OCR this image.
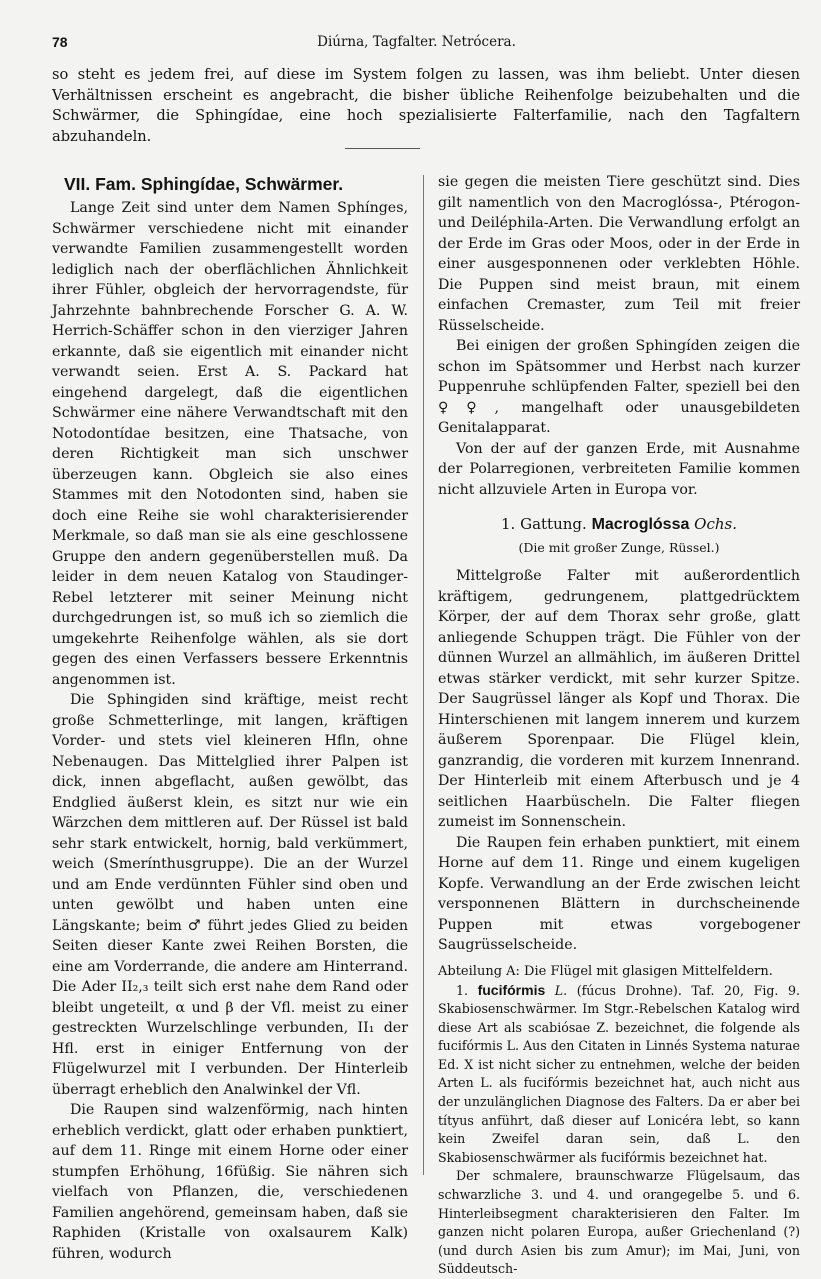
78	Diúrna, Tagfalter. Netrócera.

so steht es jedem frei, auf diese im System folgen zu lassen, was ihm beliebt. Unter diesen Verhältnissen erscheint es angebracht, die bisher übliche Reihenfolge beizubehalten und die Schwärmer, die Sphingídae, eine hoch spezialisierte Falterfamilie, nach den Tagfaltern abzuhandeln.

VII. Fam. Sphingídae, Schwärmer.

Lange Zeit sind unter dem Namen Sphínges, Schwärmer verschiedene nicht mit einander verwandte Familien zusammengestellt worden lediglich nach der oberflächlichen Ähnlichkeit ihrer Fühler, obgleich der hervorragendste, für Jahrzehnte bahnbrechende Forscher G. A. W. Herrich-Schäffer schon in den vierziger Jahren erkannte, daß sie eigentlich mit einander nicht verwandt seien. Erst A. S. Packard hat eingehend dargelegt, daß die eigentlichen Schwärmer eine nähere Verwandtschaft mit den Notodontídae besitzen, eine Thatsache, von deren Richtigkeit man sich unschwer überzeugen kann. Obgleich sie also eines Stammes mit den Notodonten sind, haben sie doch eine Reihe sie wohl charakterisierender Merkmale, so daß man sie als eine geschlossene Gruppe den andern gegenüberstellen muß. Da leider in dem neuen Katalog von Staudinger-Rebel letzterer mit seiner Meinung nicht durchgedrungen ist, so muß ich so ziemlich die umgekehrte Reihenfolge wählen, als sie dort gegen des einen Verfassers bessere Erkenntnis angenommen ist.

Die Sphingiden sind kräftige, meist recht große Schmetterlinge, mit langen, kräftigen Vorder- und stets viel kleineren Hfln, ohne Nebenaugen. Das Mittelglied ihrer Palpen ist dick, innen abgeflacht, außen gewölbt, das Endglied äußerst klein, es sitzt nur wie ein Wärzchen dem mittleren auf. Der Rüssel ist bald sehr stark entwickelt, hornig, bald verkümmert, weich (Smerínthusgruppe). Die an der Wurzel und am Ende verdünnten Fühler sind oben und unten gewölbt und haben unten eine Längskante; beim ♂ führt jedes Glied zu beiden Seiten dieser Kante zwei Reihen Borsten, die eine am Vorderrande, die andere am Hinterrand. Die Ader II₂,₃ teilt sich erst nahe dem Rand oder bleibt ungeteilt, α und β der Vfl. meist zu einer gestreckten Wurzelschlinge verbunden, II₁ der Hfl. erst in einiger Entfernung von der Flügelwurzel mit I verbunden. Der Hinterleib überragt erheblich den Analwinkel der Vfl.

Die Raupen sind walzenförmig, nach hinten erheblich verdickt, glatt oder erhaben punktiert, auf dem 11. Ringe mit einem Horne oder einer stumpfen Erhöhung, 16füßig. Sie nähren sich vielfach von Pflanzen, die, verschiedenen Familien angehörend, gemeinsam haben, daß sie Raphiden (Kristalle von oxalsaurem Kalk) führen, wodurch

sie gegen die meisten Tiere geschützt sind. Dies gilt namentlich von den Macroglóssa-, Ptérogon- und Deiléphila-Arten. Die Verwandlung erfolgt an der Erde im Gras oder Moos, oder in der Erde in einer ausgesponnenen oder verklebten Höhle. Die Puppen sind meist braun, mit einem einfachen Cremaster, zum Teil mit freier Rüsselscheide.

Bei einigen der großen Sphingíden zeigen die schon im Spätsommer und Herbst nach kurzer Puppenruhe schlüpfenden Falter, speziell bei den ♀♀, mangelhaft oder unausgebildeten Genitalapparat.

Von der auf der ganzen Erde, mit Ausnahme der Polarregionen, verbreiteten Familie kommen nicht allzuviele Arten in Europa vor.

1. Gattung. Macroglóssa Ochs.
(Die mit großer Zunge, Rüssel.)

Mittelgroße Falter mit außerordentlich kräftigem, gedrungenem, plattgedrücktem Körper, der auf dem Thorax sehr große, glatt anliegende Schuppen trägt. Die Fühler von der dünnen Wurzel an allmählich, im äußeren Drittel etwas stärker verdickt, mit sehr kurzer Spitze. Der Saugrüssel länger als Kopf und Thorax. Die Hinterschienen mit langem innerem und kurzem äußerem Sporenpaar. Die Flügel klein, ganzrandig, die vorderen mit kurzem Innenrand. Der Hinterleib mit einem Afterbusch und je 4 seitlichen Haarbüscheln. Die Falter fliegen zumeist im Sonnenschein.

Die Raupen fein erhaben punktiert, mit einem Horne auf dem 11. Ringe und einem kugeligen Kopfe. Verwandlung an der Erde zwischen leicht versponnenen Blättern in durchscheinende Puppen mit etwas vorgebogener Saugrüsselscheide.

Abteilung A: Die Flügel mit glasigen Mittelfeldern.

1. fucifórmis L. (fúcus Drohne). Taf. 20, Fig. 9. Skabiosenschwärmer. Im Stgr.-Rebelschen Katalog wird diese Art als scabiósae Z. bezeichnet, die folgende als fucifórmis L. Aus den Citaten in Linnés Systema naturae Ed. X ist nicht sicher zu entnehmen, welche der beiden Arten L. als fucifórmis bezeichnet hat, auch nicht aus der unzulänglichen Diagnose des Falters. Da er aber bei títyus anführt, daß dieser auf Lonicéra lebt, so kann kein Zweifel daran sein, daß L. den Skabiosenschwärmer als fucifórmis bezeichnet hat.

Der schmalere, braunschwarze Flügelsaum, das schwarzliche 3. und 4. und orangegelbe 5. und 6. Hinterleibsegment charakterisieren den Falter. Im ganzen nicht polaren Europa, außer Griechenland (?) (und durch Asien bis zum Amur); im Mai, Juni, von Süddeutsch-
